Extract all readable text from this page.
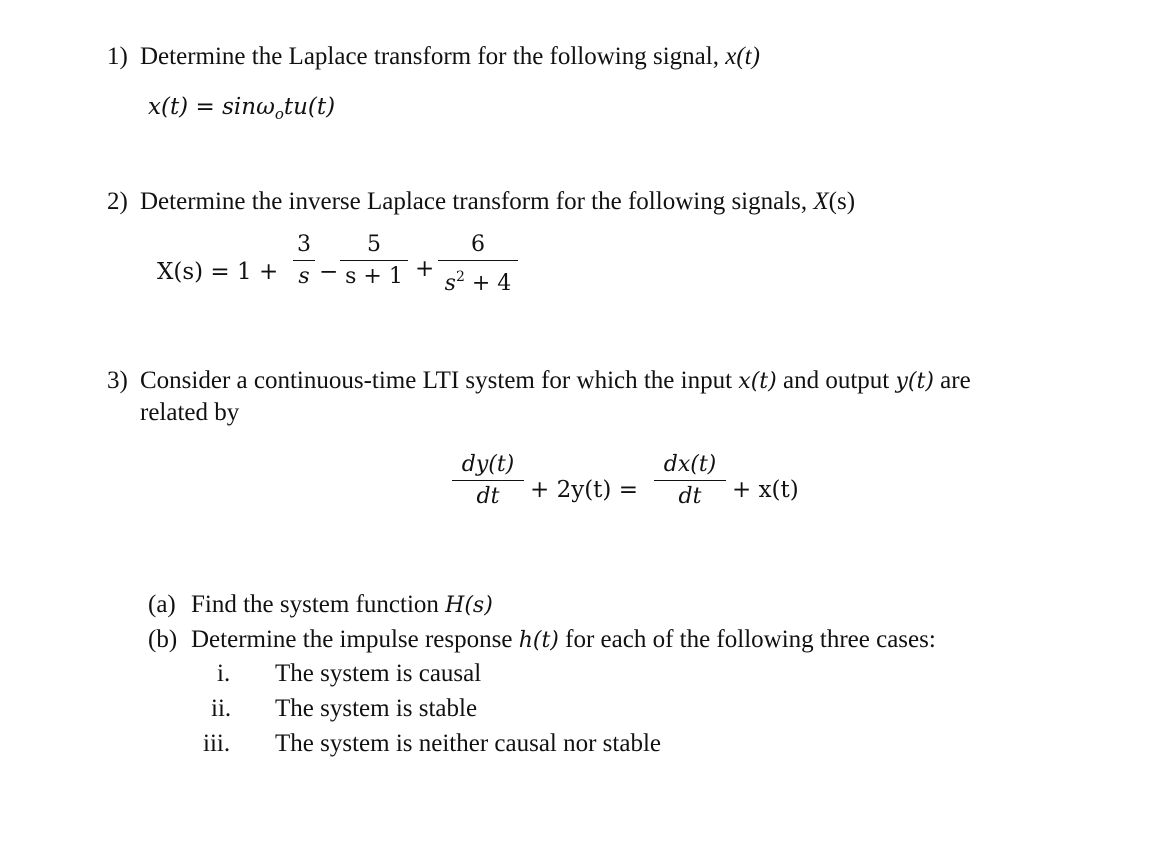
1) Determine the Laplace transform for the following signal, x(t)
x(t) = sinω$_o$tu(t)
2) Determine the inverse Laplace transform for the following signals, X(s)
X(s) = 1 +
3
s −
5
s + 1 +
6
$s^2 + 4$
3) Consider a continuous-time LTI system for which the input x(t) and output y(t) are
related by
dy(t)
dt	+ 2y(t) =
dx(t)
dt	+ x(t)
(a) Find the system function H(s)
(b) Determine the impulse response h(t) for each of the following three cases:
i. The system is causal
ii. The system is stable
iii. The system is neither causal nor stable
